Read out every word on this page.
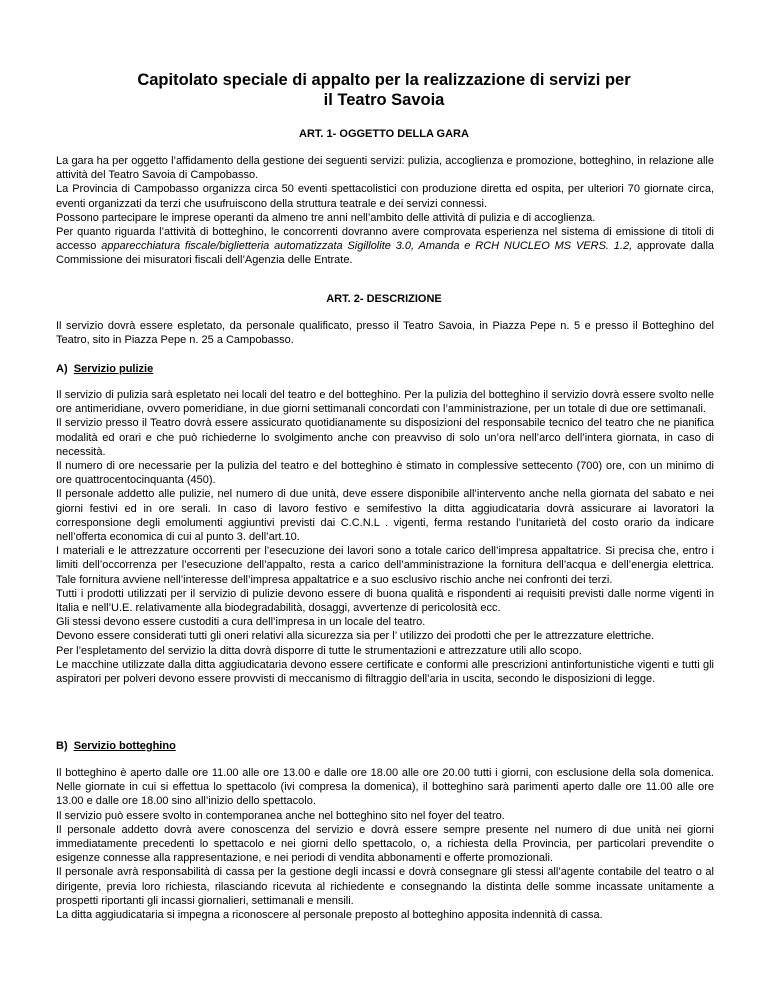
Capitolato speciale di appalto per la realizzazione di servizi per
il Teatro Savoia
ART. 1- OGGETTO DELLA GARA

La gara ha per oggetto l’affidamento della gestione dei seguenti servizi: pulizia, accoglienza e promozione, botteghino, in relazione alle attività del Teatro Savoia di Campobasso.

La Provincia di Campobasso organizza circa 50 eventi spettacolistici con produzione diretta ed ospita, per ulteriori 70 giornate circa, eventi organizzati da terzi che usufruiscono della struttura teatrale e dei servizi connessi.

Possono partecipare le imprese operanti da almeno tre anni nell’ambito delle attività di pulizia e di accoglienza.

Per quanto riguarda l’attività di botteghino, le concorrenti dovranno avere comprovata esperienza nel sistema di emissione di titoli di accesso apparecchiatura fiscale/biglietteria automatizzata Sigillolite 3.0, Amanda e RCH NUCLEO MS VERS. 1.2, approvate dalla Commissione dei misuratori fiscali dell’Agenzia delle Entrate.

ART. 2- DESCRIZIONE

Il servizio dovrà essere espletato, da personale qualificato, presso il Teatro Savoia, in Piazza Pepe n. 5 e presso il Botteghino del Teatro, sito in Piazza Pepe n. 25 a Campobasso.

A) Servizio pulizie

Il servizio di pulizia sarà espletato nei locali del teatro e del botteghino. Per la pulizia del botteghino il servizio dovrà essere svolto nelle ore antimeridiane, ovvero pomeridiane, in due giorni settimanali concordati con l’amministrazione, per un totale di due ore settimanali.

Il servizio presso il Teatro dovrà essere assicurato quotidianamente su disposizioni del responsabile tecnico del teatro che ne pianifica modalità ed orari e che può richiederne lo svolgimento anche con preavviso di solo un’ora nell’arco dell’intera giornata, in caso di necessità.

Il numero di ore necessarie per la pulizia del teatro e del botteghino è stimato in complessive settecento (700) ore, con un minimo di ore quattrocentocinquanta (450).

Il personale addetto alle pulizie, nel numero di due unità, deve essere disponibile all’intervento anche nella giornata del sabato e nei giorni festivi ed in ore serali. In caso di lavoro festivo e semifestivo la ditta aggiudicataria dovrà assicurare ai lavoratori la corresponsione degli emolumenti aggiuntivi previsti dai C.C.N.L . vigenti, ferma restando l’unitarietà del costo orario da indicare nell’offerta economica di cui al punto 3. dell’art.10.

I materiali e le attrezzature occorrenti per l’esecuzione dei lavori sono a totale carico dell’impresa appaltatrice. Si precisa che, entro i limiti dell’occorrenza per l’esecuzione dell’appalto, resta a carico dell’amministrazione la fornitura dell’acqua e dell’energia elettrica. Tale fornitura avviene nell’interesse dell’impresa appaltatrice e a suo esclusivo rischio anche nei confronti dei terzi.

Tutti i prodotti utilizzati per il servizio di pulizie devono essere di buona qualità e rispondenti ai requisiti previsti dalle norme vigenti in Italia e nell’U.E. relativamente alla biodegradabilità, dosaggi, avvertenze di pericolosità ecc.

Gli stessi devono essere custoditi a cura dell’impresa in un locale del teatro.

Devono essere considerati tutti gli oneri relativi alla sicurezza sia per l’ utilizzo dei prodotti che per le attrezzature elettriche.

Per l’espletamento del servizio la ditta dovrà disporre di tutte le strumentazioni e attrezzature utili allo scopo.

Le macchine utilizzate dalla ditta aggiudicataria devono essere certificate e conformi alle prescrizioni antinfortunistiche vigenti e tutti gli aspiratori per polveri devono essere provvisti di meccanismo di filtraggio dell’aria in uscita, secondo le disposizioni di legge.

B) Servizio botteghino

Il botteghino è aperto dalle ore 11.00 alle ore 13.00 e dalle ore 18.00 alle ore 20.00 tutti i giorni, con esclusione della sola domenica. Nelle giornate in cui si effettua lo spettacolo (ivi compresa la domenica), il botteghino sarà parimenti aperto dalle ore 11.00 alle ore 13.00 e dalle ore 18.00 sino all’inizio dello spettacolo.

Il servizio può essere svolto in contemporanea anche nel botteghino sito nel foyer del teatro.

Il personale addetto dovrà avere conoscenza del servizio e dovrà essere sempre presente nel numero di due unità nei giorni immediatamente precedenti lo spettacolo e nei giorni dello spettacolo, o, a richiesta della Provincia, per particolari prevendite o esigenze connesse alla rappresentazione, e nei periodi di vendita abbonamenti e offerte promozionali.

Il personale avrà responsabilità di cassa per la gestione degli incassi e dovrà consegnare gli stessi all’agente contabile del teatro o al dirigente, previa loro richiesta, rilasciando ricevuta al richiedente e consegnando la distinta delle somme incassate unitamente a prospetti riportanti gli incassi giornalieri, settimanali e mensili.

La ditta aggiudicataria si impegna a riconoscere al personale preposto al botteghino apposita indennità di cassa.
